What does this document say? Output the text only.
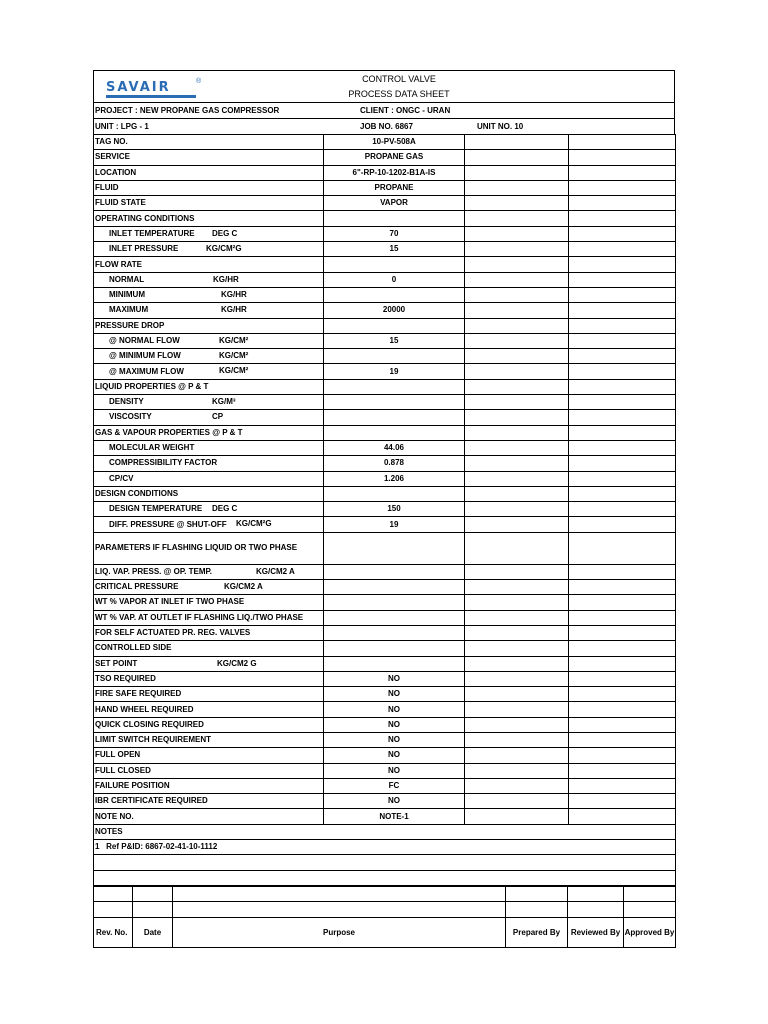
SAVAIR	®	CONTROL VALVE
PROCESS DATA SHEET
PROJECT : NEW PROPANE GAS COMPRESSOR	CLIENT : ONGC - URAN
UNIT : LPG - 1	JOB NO. 6867	UNIT NO. 10
TAG NO.	10-PV-508A		
SERVICE	PROPANE GAS		
LOCATION	6"-RP-10-1202-B1A-IS		
FLUID	PROPANE		
FLUID STATE	VAPOR		
OPERATING CONDITIONS			
INLET TEMPERATURE DEG C	70		
INLET PRESSURE KG/CM²G	15		
FLOW RATE			
NORMAL KG/HR	0		
MINIMUM KG/HR			

MAXIMUM KG/HR	20000		
PRESSURE DROP			
@ NORMAL FLOW KG/CM²	15		
@ MINIMUM FLOW KG/CM²			

@ MAXIMUM FLOW KG/CM²	19		
LIQUID PROPERTIES @ P & T			
DENSITY KG/M³			

VISCOSITY CP			

GAS & VAPOUR PROPERTIES @ P & T			
MOLECULAR WEIGHT	44.06		
COMPRESSIBILITY FACTOR	0.878		
CP/CV	1.206		
DESIGN CONDITIONS			
DESIGN TEMPERATURE DEG C	150		
DIFF. PRESSURE @ SHUT-OFF KG/CM²G	19		
PARAMETERS IF FLASHING LIQUID OR TWO PHASE			
LIQ. VAP. PRESS. @ OP. TEMP. KG/CM2 A			

CRITICAL PRESSURE KG/CM2 A			

WT % VAPOR AT INLET IF TWO PHASE			
WT % VAP. AT OUTLET IF FLASHING LIQ./TWO PHASE			
FOR SELF ACTUATED PR. REG. VALVES			
CONTROLLED SIDE			
SET POINT KG/CM2 G			

TSO REQUIRED	NO		
FIRE SAFE REQUIRED	NO		
HAND WHEEL REQUIRED	NO		
QUICK CLOSING REQUIRED	NO		
LIMIT SWITCH REQUIREMENT	NO		
FULL OPEN	NO		
FULL CLOSED	NO		
FAILURE POSITION	FC		
IBR CERTIFICATE REQUIRED	NO		
NOTE NO.	NOTE-1		
NOTES			
1 Ref P&ID: 6867-02-41-10-1112			

Rev. No.	Date	Purpose	Prepared By	Reviewed By	Approved By
